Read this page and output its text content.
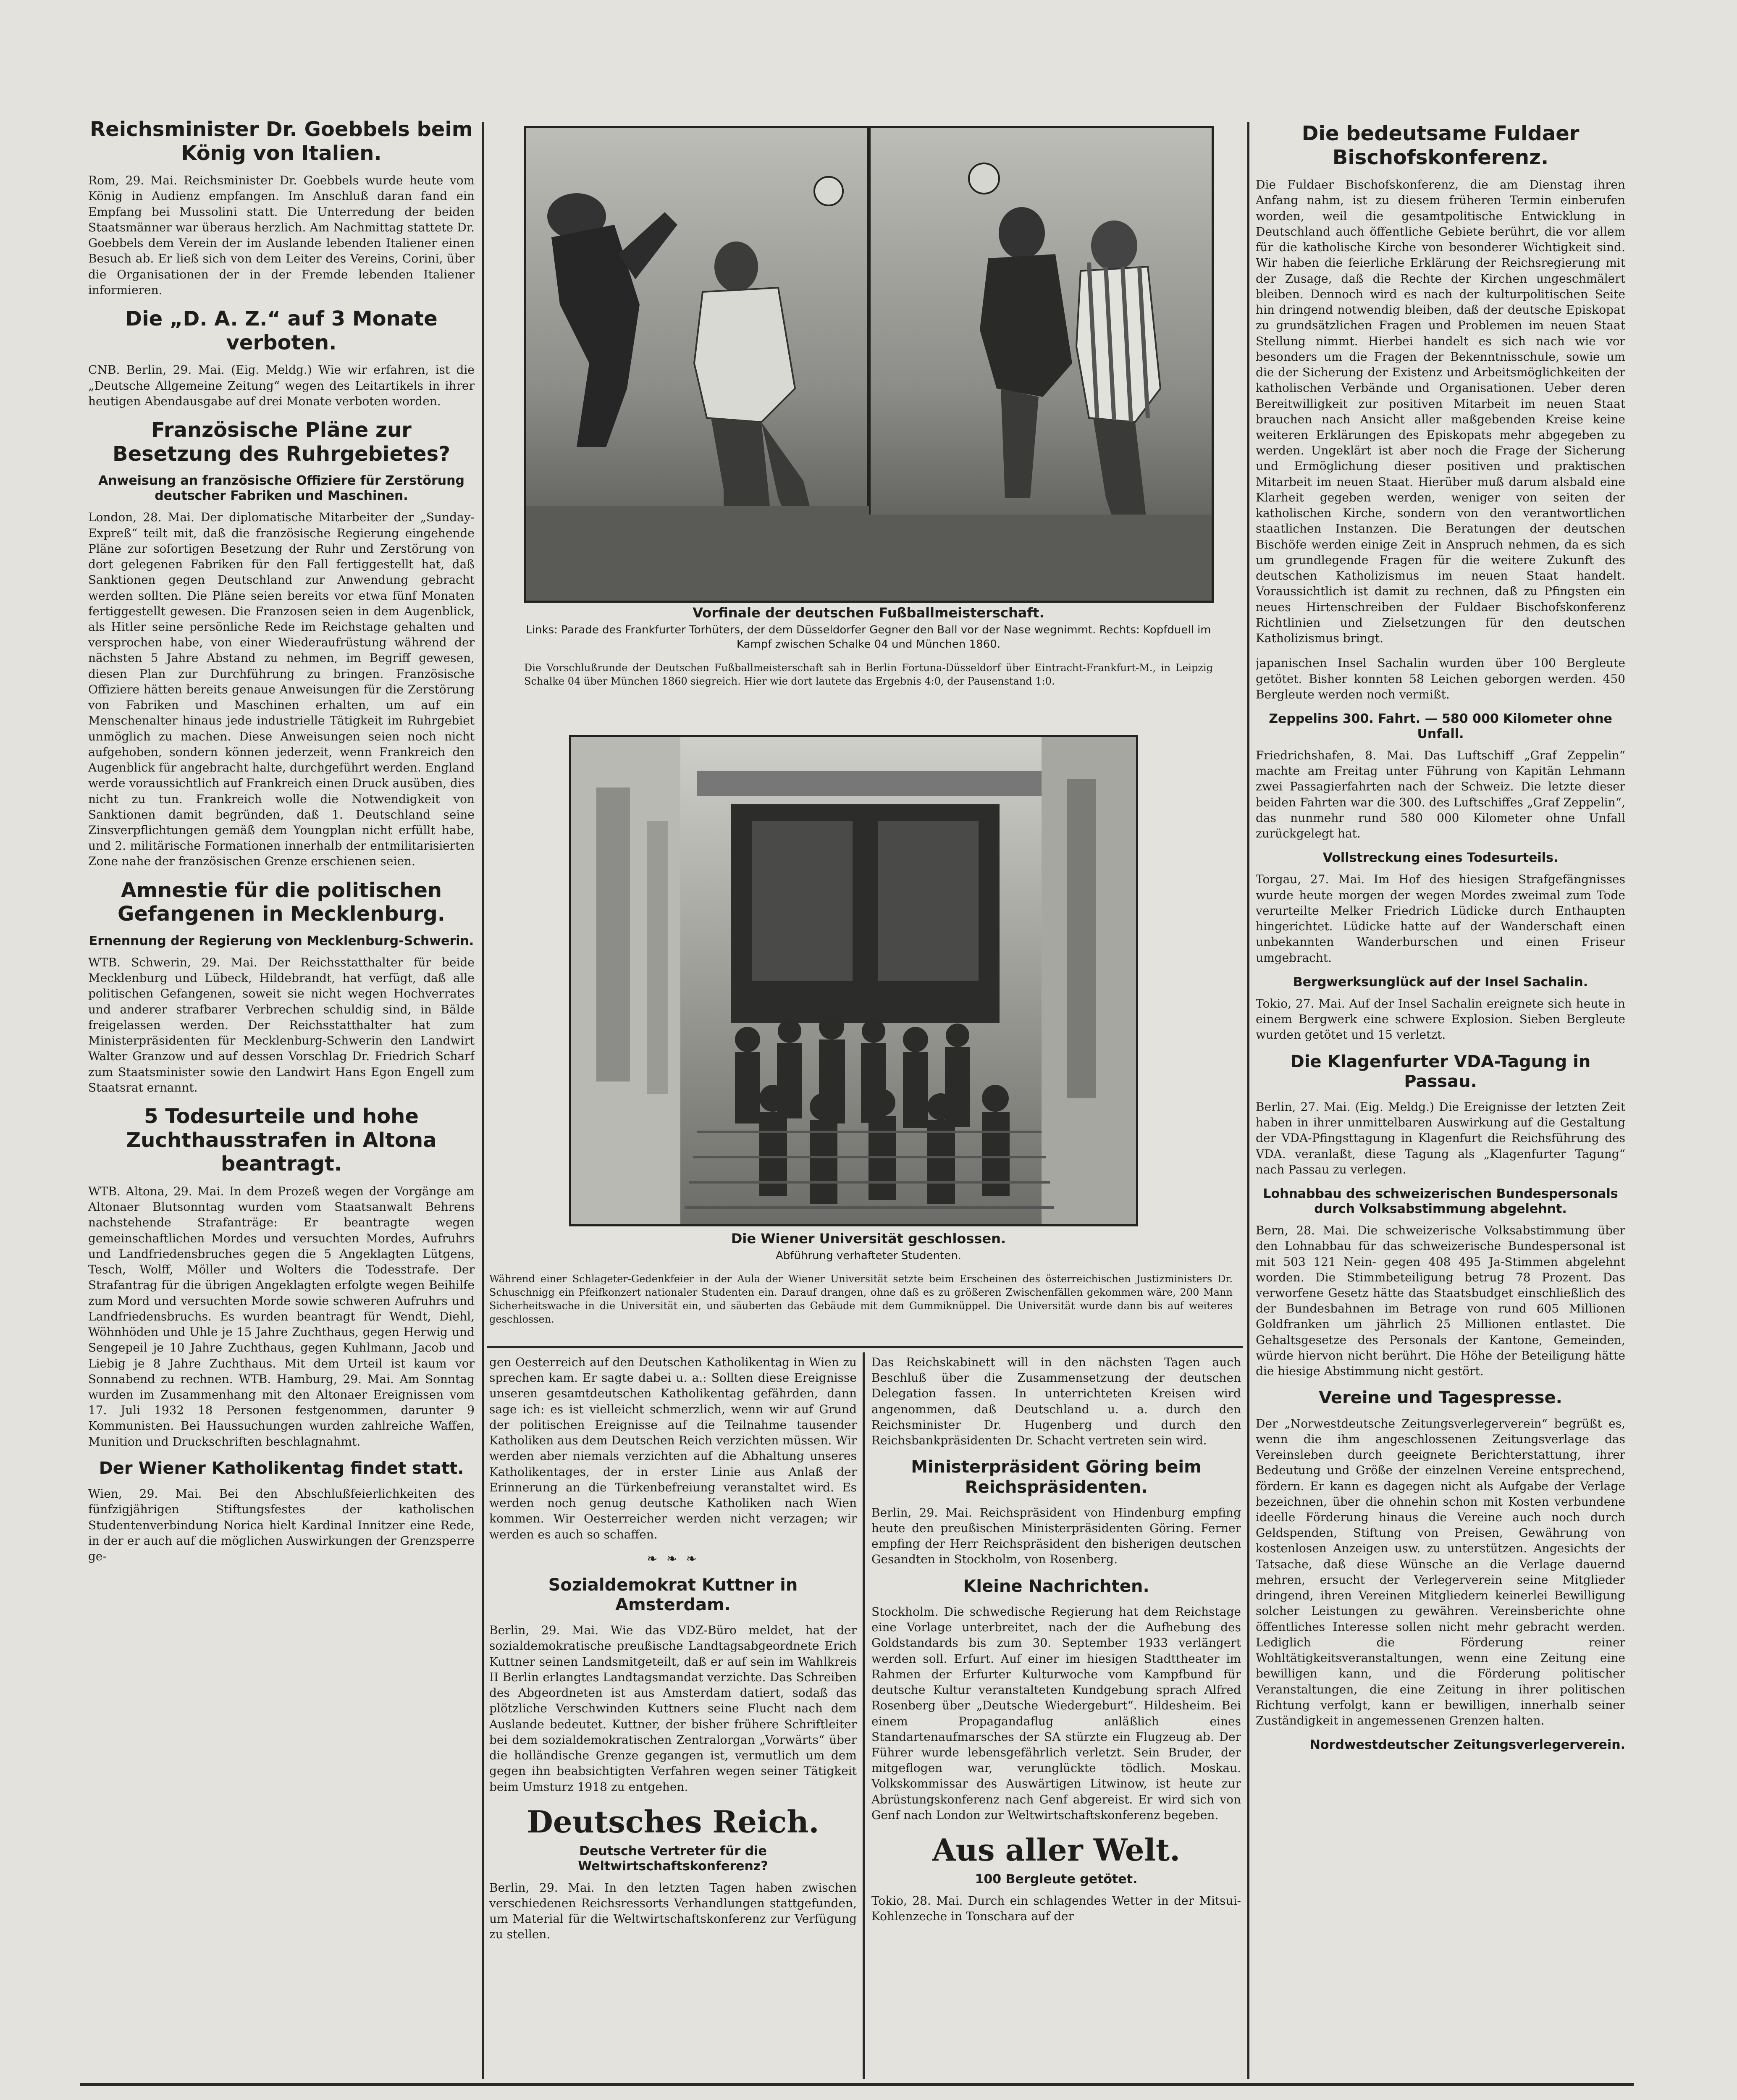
Reichsminister Dr. Goebbels beim König von Italien.
Rom, 29. Mai. Reichsminister Dr. Goebbels wurde heute vom König in Audienz empfangen. Im Anschluß daran fand ein Empfang bei Mussolini statt. Die Unterredung der beiden Staatsmänner war überaus herzlich. Am Nachmittag stattete Dr. Goebbels dem Verein der im Auslande lebenden Italiener einen Besuch ab. Er ließ sich von dem Leiter des Vereins, Corini, über die Organisationen der in der Fremde lebenden Italiener informieren.
Die „D. A. Z.“ auf 3 Monate verboten.
CNB. Berlin, 29. Mai. (Eig. Meldg.) Wie wir erfahren, ist die „Deutsche Allgemeine Zeitung“ wegen des Leitartikels in ihrer heutigen Abendausgabe auf drei Monate verboten worden.
Französische Pläne zur Besetzung des Ruhrgebietes?
Anweisung an französische Offiziere für Zerstörung deutscher Fabriken und Maschinen.
London, 28. Mai. Der diplomatische Mitarbeiter der „Sunday-Expreß“ teilt mit, daß die französische Regierung eingehende Pläne zur sofortigen Besetzung der Ruhr und Zerstörung von dort gelegenen Fabriken für den Fall fertiggestellt hat, daß Sanktionen gegen Deutschland zur Anwendung gebracht werden sollten. Die Pläne seien bereits vor etwa fünf Monaten fertiggestellt gewesen. Die Franzosen seien in dem Augenblick, als Hitler seine persönliche Rede im Reichstage gehalten und versprochen habe, von einer Wiederaufrüstung während der nächsten 5 Jahre Abstand zu nehmen, im Begriff gewesen, diesen Plan zur Durchführung zu bringen. Französische Offiziere hätten bereits genaue Anweisungen für die Zerstörung von Fabriken und Maschinen erhalten, um auf ein Menschenalter hinaus jede industrielle Tätigkeit im Ruhrgebiet unmöglich zu machen. Diese Anweisungen seien noch nicht aufgehoben, sondern können jederzeit, wenn Frankreich den Augenblick für angebracht halte, durchgeführt werden. England werde voraussichtlich auf Frankreich einen Druck ausüben, dies nicht zu tun. Frankreich wolle die Notwendigkeit von Sanktionen damit begründen, daß 1. Deutschland seine Zinsverpflichtungen gemäß dem Youngplan nicht erfüllt habe, und 2. militärische Formationen innerhalb der entmilitarisierten Zone nahe der französischen Grenze erschienen seien.
Amnestie für die politischen Gefangenen in Mecklenburg.
Ernennung der Regierung von Mecklenburg-Schwerin.
WTB. Schwerin, 29. Mai. Der Reichsstatthalter für beide Mecklenburg und Lübeck, Hildebrandt, hat verfügt, daß alle politischen Gefangenen, soweit sie nicht wegen Hochverrates und anderer strafbarer Verbrechen schuldig sind, in Bälde freigelassen werden. Der Reichsstatthalter hat zum Ministerpräsidenten für Mecklenburg-Schwerin den Landwirt Walter Granzow und auf dessen Vorschlag Dr. Friedrich Scharf zum Staatsminister sowie den Landwirt Hans Egon Engell zum Staatsrat ernannt.
5 Todesurteile und hohe Zuchthausstrafen in Altona beantragt.
WTB. Altona, 29. Mai. In dem Prozeß wegen der Vorgänge am Altonaer Blutsonntag wurden vom Staatsanwalt Behrens nachstehende Strafanträge: Er beantragte wegen gemeinschaftlichen Mordes und versuchten Mordes, Aufruhrs und Landfriedensbruches gegen die 5 Angeklagten Lütgens, Tesch, Wolff, Möller und Wolters die Todesstrafe. Der Strafantrag für die übrigen Angeklagten erfolgte wegen Beihilfe zum Mord und versuchten Morde sowie schweren Aufruhrs und Landfriedensbruchs. Es wurden beantragt für Wendt, Diehl, Wöhnhöden und Uhle je 15 Jahre Zuchthaus, gegen Herwig und Sengepeil je 10 Jahre Zuchthaus, gegen Kuhlmann, Jacob und Liebig je 8 Jahre Zuchthaus. Mit dem Urteil ist kaum vor Sonnabend zu rechnen. WTB. Hamburg, 29. Mai. Am Sonntag wurden im Zusammenhang mit den Altonaer Ereignissen vom 17. Juli 1932 18 Personen festgenommen, darunter 9 Kommunisten. Bei Haussuchungen wurden zahlreiche Waffen, Munition und Druckschriften beschlagnahmt.
Der Wiener Katholikentag findet statt.
Wien, 29. Mai. Bei den Abschlußfeierlichkeiten des fünfzigjährigen Stiftungsfestes der katholischen Studentenverbindung Norica hielt Kardinal Innitzer eine Rede, in der er auch auf die möglichen Auswirkungen der Grenzsperre ge-
Vorfinale der deutschen Fußballmeisterschaft.
Links: Parade des Frankfurter Torhüters, der dem Düsseldorfer Gegner den Ball vor der Nase wegnimmt. Rechts: Kopfduell im Kampf zwischen Schalke 04 und München 1860.
Die Vorschlußrunde der Deutschen Fußballmeisterschaft sah in Berlin Fortuna-Düsseldorf über Eintracht-Frankfurt-M., in Leipzig Schalke 04 über München 1860 siegreich. Hier wie dort lautete das Ergebnis 4:0, der Pausenstand 1:0.
Die Wiener Universität geschlossen.
Abführung verhafteter Studenten.
Während einer Schlageter-Gedenkfeier in der Aula der Wiener Universität setzte beim Erscheinen des österreichischen Justizministers Dr. Schuschnigg ein Pfeifkonzert nationaler Studenten ein. Darauf drangen, ohne daß es zu größeren Zwischenfällen gekommen wäre, 200 Mann Sicherheitswache in die Universität ein, und säuberten das Gebäude mit dem Gummiknüppel. Die Universität wurde dann bis auf weiteres geschlossen.
gen Oesterreich auf den Deutschen Katholikentag in Wien zu sprechen kam. Er sagte dabei u. a.: Sollten diese Ereignisse unseren gesamtdeutschen Katholikentag gefährden, dann sage ich: es ist vielleicht schmerzlich, wenn wir auf Grund der politischen Ereignisse auf die Teilnahme tausender Katholiken aus dem Deutschen Reich verzichten müssen. Wir werden aber niemals verzichten auf die Abhaltung unseres Katholikentages, der in erster Linie aus Anlaß der Erinnerung an die Türkenbefreiung veranstaltet wird. Es werden noch genug deutsche Katholiken nach Wien kommen. Wir Oesterreicher werden nicht verzagen; wir werden es auch so schaffen.
❧ ❧ ❧
Sozialdemokrat Kuttner in Amsterdam.
Berlin, 29. Mai. Wie das VDZ-Büro meldet, hat der sozialdemokratische preußische Landtagsabgeordnete Erich Kuttner seinen Landsmitgeteilt, daß er auf sein im Wahlkreis II Berlin erlangtes Landtagsmandat verzichte. Das Schreiben des Abgeordneten ist aus Amsterdam datiert, sodaß das plötzliche Verschwinden Kuttners seine Flucht nach dem Auslande bedeutet. Kuttner, der bisher frühere Schriftleiter bei dem sozialdemokratischen Zentralorgan „Vorwärts“ über die holländische Grenze gegangen ist, vermutlich um dem gegen ihn beabsichtigten Verfahren wegen seiner Tätigkeit beim Umsturz 1918 zu entgehen.
Deutsches Reich.
Deutsche Vertreter für die Weltwirtschaftskonferenz?
Berlin, 29. Mai. In den letzten Tagen haben zwischen verschiedenen Reichsressorts Verhandlungen stattgefunden, um Material für die Weltwirtschaftskonferenz zur Verfügung zu stellen.
Das Reichskabinett will in den nächsten Tagen auch Beschluß über die Zusammensetzung der deutschen Delegation fassen. In unterrichteten Kreisen wird angenommen, daß Deutschland u. a. durch den Reichsminister Dr. Hugenberg und durch den Reichsbankpräsidenten Dr. Schacht vertreten sein wird.
Ministerpräsident Göring beim Reichspräsidenten.
Berlin, 29. Mai. Reichspräsident von Hindenburg empfing heute den preußischen Ministerpräsidenten Göring. Ferner empfing der Herr Reichspräsident den bisherigen deutschen Gesandten in Stockholm, von Rosenberg.
Kleine Nachrichten.
Stockholm. Die schwedische Regierung hat dem Reichstage eine Vorlage unterbreitet, nach der die Aufhebung des Goldstandards bis zum 30. September 1933 verlängert werden soll. Erfurt. Auf einer im hiesigen Stadttheater im Rahmen der Erfurter Kulturwoche vom Kampfbund für deutsche Kultur veranstalteten Kundgebung sprach Alfred Rosenberg über „Deutsche Wiedergeburt“. Hildesheim. Bei einem Propagandaflug anläßlich eines Standartenaufmarsches der SA stürzte ein Flugzeug ab. Der Führer wurde lebensgefährlich verletzt. Sein Bruder, der mitgeflogen war, verunglückte tödlich. Moskau. Volkskommissar des Auswärtigen Litwinow, ist heute zur Abrüstungskonferenz nach Genf abgereist. Er wird sich von Genf nach London zur Weltwirtschaftskonferenz begeben.
Aus aller Welt.
100 Bergleute getötet.
Tokio, 28. Mai. Durch ein schlagendes Wetter in der Mitsui-Kohlenzeche in Tonschara auf der
Die bedeutsame Fuldaer Bischofskonferenz.
Die Fuldaer Bischofskonferenz, die am Dienstag ihren Anfang nahm, ist zu diesem früheren Termin einberufen worden, weil die gesamtpolitische Entwicklung in Deutschland auch öffentliche Gebiete berührt, die vor allem für die katholische Kirche von besonderer Wichtigkeit sind. Wir haben die feierliche Erklärung der Reichsregierung mit der Zusage, daß die Rechte der Kirchen ungeschmälert bleiben. Dennoch wird es nach der kulturpolitischen Seite hin dringend notwendig bleiben, daß der deutsche Episkopat zu grundsätzlichen Fragen und Problemen im neuen Staat Stellung nimmt. Hierbei handelt es sich nach wie vor besonders um die Fragen der Bekenntnisschule, sowie um die der Sicherung der Existenz und Arbeitsmöglichkeiten der katholischen Verbände und Organisationen. Ueber deren Bereitwilligkeit zur positiven Mitarbeit im neuen Staat brauchen nach Ansicht aller maßgebenden Kreise keine weiteren Erklärungen des Episkopats mehr abgegeben zu werden. Ungeklärt ist aber noch die Frage der Sicherung und Ermöglichung dieser positiven und praktischen Mitarbeit im neuen Staat. Hierüber muß darum alsbald eine Klarheit gegeben werden, weniger von seiten der katholischen Kirche, sondern von den verantwortlichen staatlichen Instanzen. Die Beratungen der deutschen Bischöfe werden einige Zeit in Anspruch nehmen, da es sich um grundlegende Fragen für die weitere Zukunft des deutschen Katholizismus im neuen Staat handelt. Voraussichtlich ist damit zu rechnen, daß zu Pfingsten ein neues Hirtenschreiben der Fuldaer Bischofskonferenz Richtlinien und Zielsetzungen für den deutschen Katholizismus bringt.
japanischen Insel Sachalin wurden über 100 Bergleute getötet. Bisher konnten 58 Leichen geborgen werden. 450 Bergleute werden noch vermißt.
Zeppelins 300. Fahrt. — 580 000 Kilometer ohne Unfall.
Friedrichshafen, 8. Mai. Das Luftschiff „Graf Zeppelin“ machte am Freitag unter Führung von Kapitän Lehmann zwei Passagierfahrten nach der Schweiz. Die letzte dieser beiden Fahrten war die 300. des Luftschiffes „Graf Zeppelin“, das nunmehr rund 580 000 Kilometer ohne Unfall zurückgelegt hat.
Vollstreckung eines Todesurteils.
Torgau, 27. Mai. Im Hof des hiesigen Strafgefängnisses wurde heute morgen der wegen Mordes zweimal zum Tode verurteilte Melker Friedrich Lüdicke durch Enthaupten hingerichtet. Lüdicke hatte auf der Wanderschaft einen unbekannten Wanderburschen und einen Friseur umgebracht.
Bergwerksunglück auf der Insel Sachalin.
Tokio, 27. Mai. Auf der Insel Sachalin ereignete sich heute in einem Bergwerk eine schwere Explosion. Sieben Bergleute wurden getötet und 15 verletzt.
Die Klagenfurter VDA-Tagung in Passau.
Berlin, 27. Mai. (Eig. Meldg.) Die Ereignisse der letzten Zeit haben in ihrer unmittelbaren Auswirkung auf die Gestaltung der VDA-Pfingsttagung in Klagenfurt die Reichsführung des VDA. veranlaßt, diese Tagung als „Klagenfurter Tagung“ nach Passau zu verlegen.
Lohnabbau des schweizerischen Bundespersonals durch Volksabstimmung abgelehnt.
Bern, 28. Mai. Die schweizerische Volksabstimmung über den Lohnabbau für das schweizerische Bundespersonal ist mit 503 121 Nein- gegen 408 495 Ja-Stimmen abgelehnt worden. Die Stimmbeteiligung betrug 78 Prozent. Das verworfene Gesetz hätte das Staatsbudget einschließlich des der Bundesbahnen im Betrage von rund 605 Millionen Goldfranken um jährlich 25 Millionen entlastet. Die Gehaltsgesetze des Personals der Kantone, Gemeinden, würde hiervon nicht berührt. Die Höhe der Beteiligung hätte die hiesige Abstimmung nicht gestört.
Vereine und Tagespresse.
Der „Norwestdeutsche Zeitungsverlegerverein“ begrüßt es, wenn die ihm angeschlossenen Zeitungsverlage das Vereinsleben durch geeignete Berichterstattung, ihrer Bedeutung und Größe der einzelnen Vereine entsprechend, fördern. Er kann es dagegen nicht als Aufgabe der Verlage bezeichnen, über die ohnehin schon mit Kosten verbundene ideelle Förderung hinaus die Vereine auch noch durch Geldspenden, Stiftung von Preisen, Gewährung von kostenlosen Anzeigen usw. zu unterstützen. Angesichts der Tatsache, daß diese Wünsche an die Verlage dauernd mehren, ersucht der Verlegerverein seine Mitglieder dringend, ihren Vereinen Mitgliedern keinerlei Bewilligung solcher Leistungen zu gewähren. Vereinsberichte ohne öffentliches Interesse sollen nicht mehr gebracht werden. Lediglich die Förderung reiner Wohltätigkeitsveranstaltungen, wenn eine Zeitung eine bewilligen kann, und die Förderung politischer Veranstaltungen, die eine Zeitung in ihrer politischen Richtung verfolgt, kann er bewilligen, innerhalb seiner Zuständigkeit in angemessenen Grenzen halten.
Nordwestdeutscher Zeitungsverlegerverein.
